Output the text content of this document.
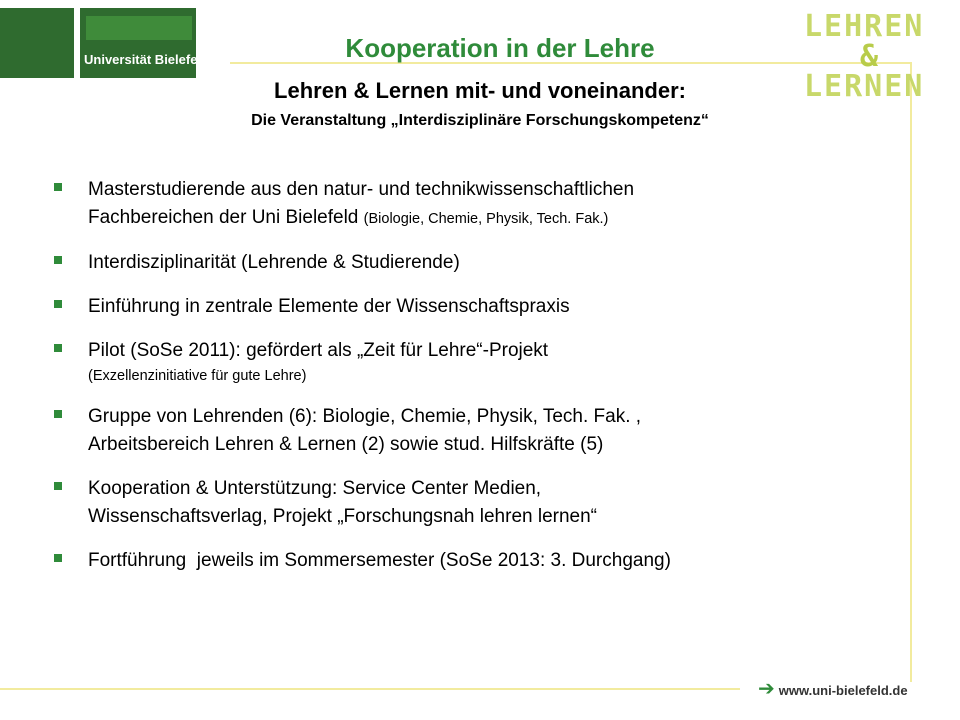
Universität Bielefeld
LEHREN
&
LERNEN
Kooperation in der Lehre
Lehren & Lernen mit- und voneinander:
Die Veranstaltung „Interdisziplinäre Forschungskompetenz“
Masterstudierende aus den natur- und technikwissenschaftlichen
Fachbereichen der Uni Bielefeld (Biologie, Chemie, Physik, Tech. Fak.)
Interdisziplinarität (Lehrende & Studierende)
Einführung in zentrale Elemente der Wissenschaftspraxis
Pilot (SoSe 2011): gefördert als „Zeit für Lehre“-Projekt
(Exzellenzinitiative für gute Lehre)
Gruppe von Lehrenden (6): Biologie, Chemie, Physik, Tech. Fak. ,
Arbeitsbereich Lehren & Lernen (2) sowie stud. Hilfskräfte (5)
Kooperation & Unterstützung: Service Center Medien,
Wissenschaftsverlag, Projekt „Forschungsnah lehren lernen“
Fortführung  jeweils im Sommersemester (SoSe 2013: 3. Durchgang)
➔ www.uni-bielefeld.de
